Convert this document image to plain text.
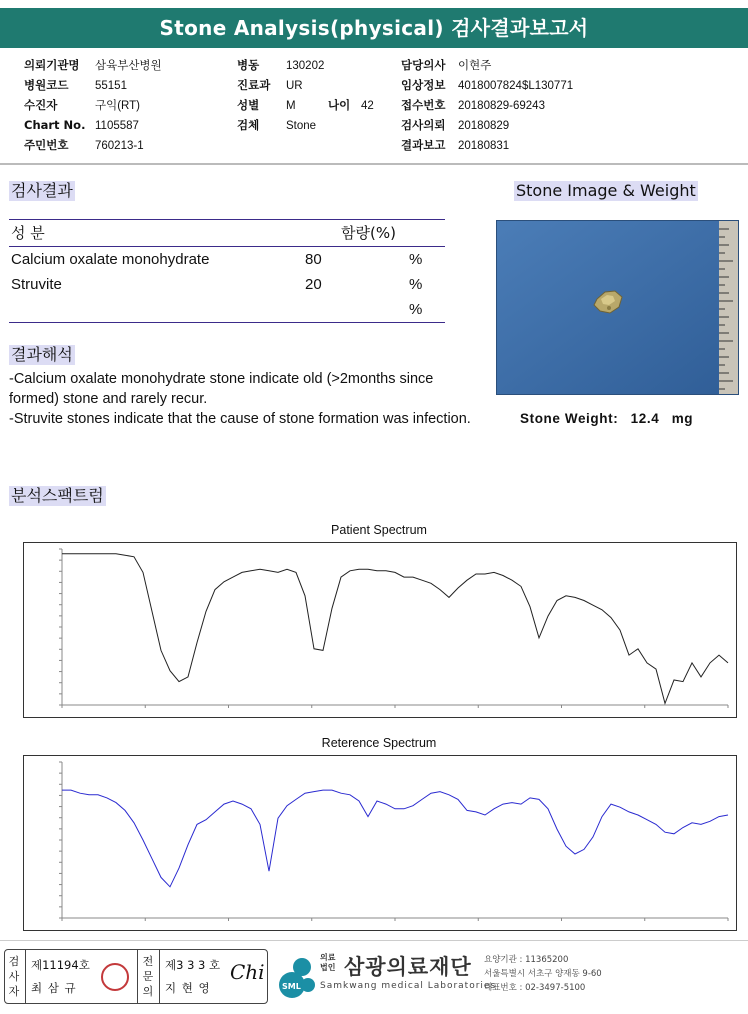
Stone Analysis(physical) 검사결과보고서
의뢰기관명 삼육부산병원
병원코드 55151
수진자	구익(RT)
Chart No. 1105587
주민번호 760213-1
병동 130202
진료과 UR
성별 M	나이 42
검체 Stone
담당의사 이현주
임상정보 4018007824$L130771
접수번호 20180829-69243
검사의뢰 20180829
결과보고 20180831
검사결과
성 분	함량(%)
Calcium oxalate monohydrate	80	%
Struvite	20	%
%
결과해석
-Calcium oxalate monohydrate stone indicate old (>2months since formed) stone and rarely recur.
-Struvite stones indicate that the cause of stone formation was infection.
Stone Image & Weight
Stone Weight: 12.4 mg
분석스팩트럼
Patient Spectrum
Reterence Spectrum
검사자
제11194호
최 삼 규
전문의
제3 3 3 호
지 현 영
Chi
SML
의료
법인 삼광의료재단
Samkwang medical Laboratories
요양기관 : 11365200
서울특별시 서초구 양재동 9-60
대표번호 : 02-3497-5100
